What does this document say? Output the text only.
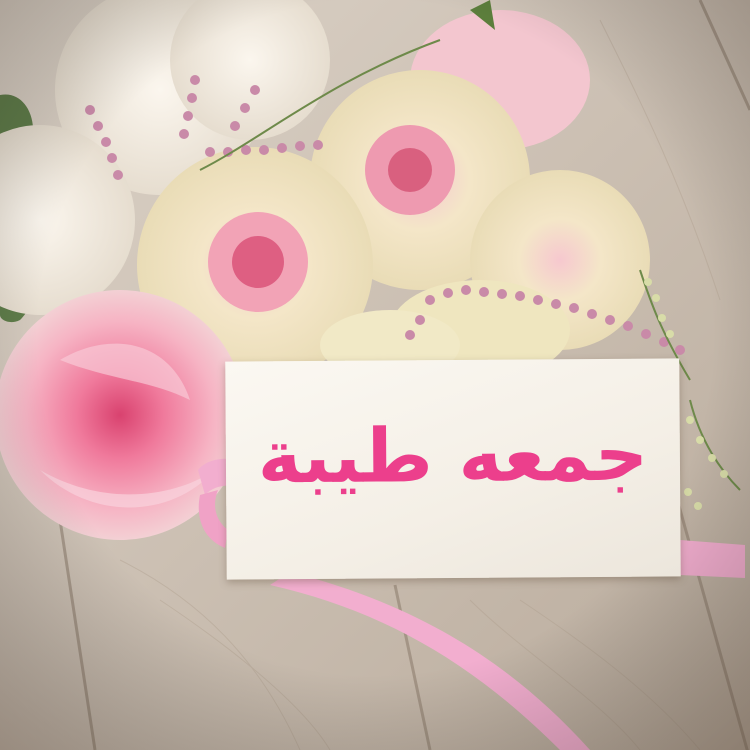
جمعه طيبة
